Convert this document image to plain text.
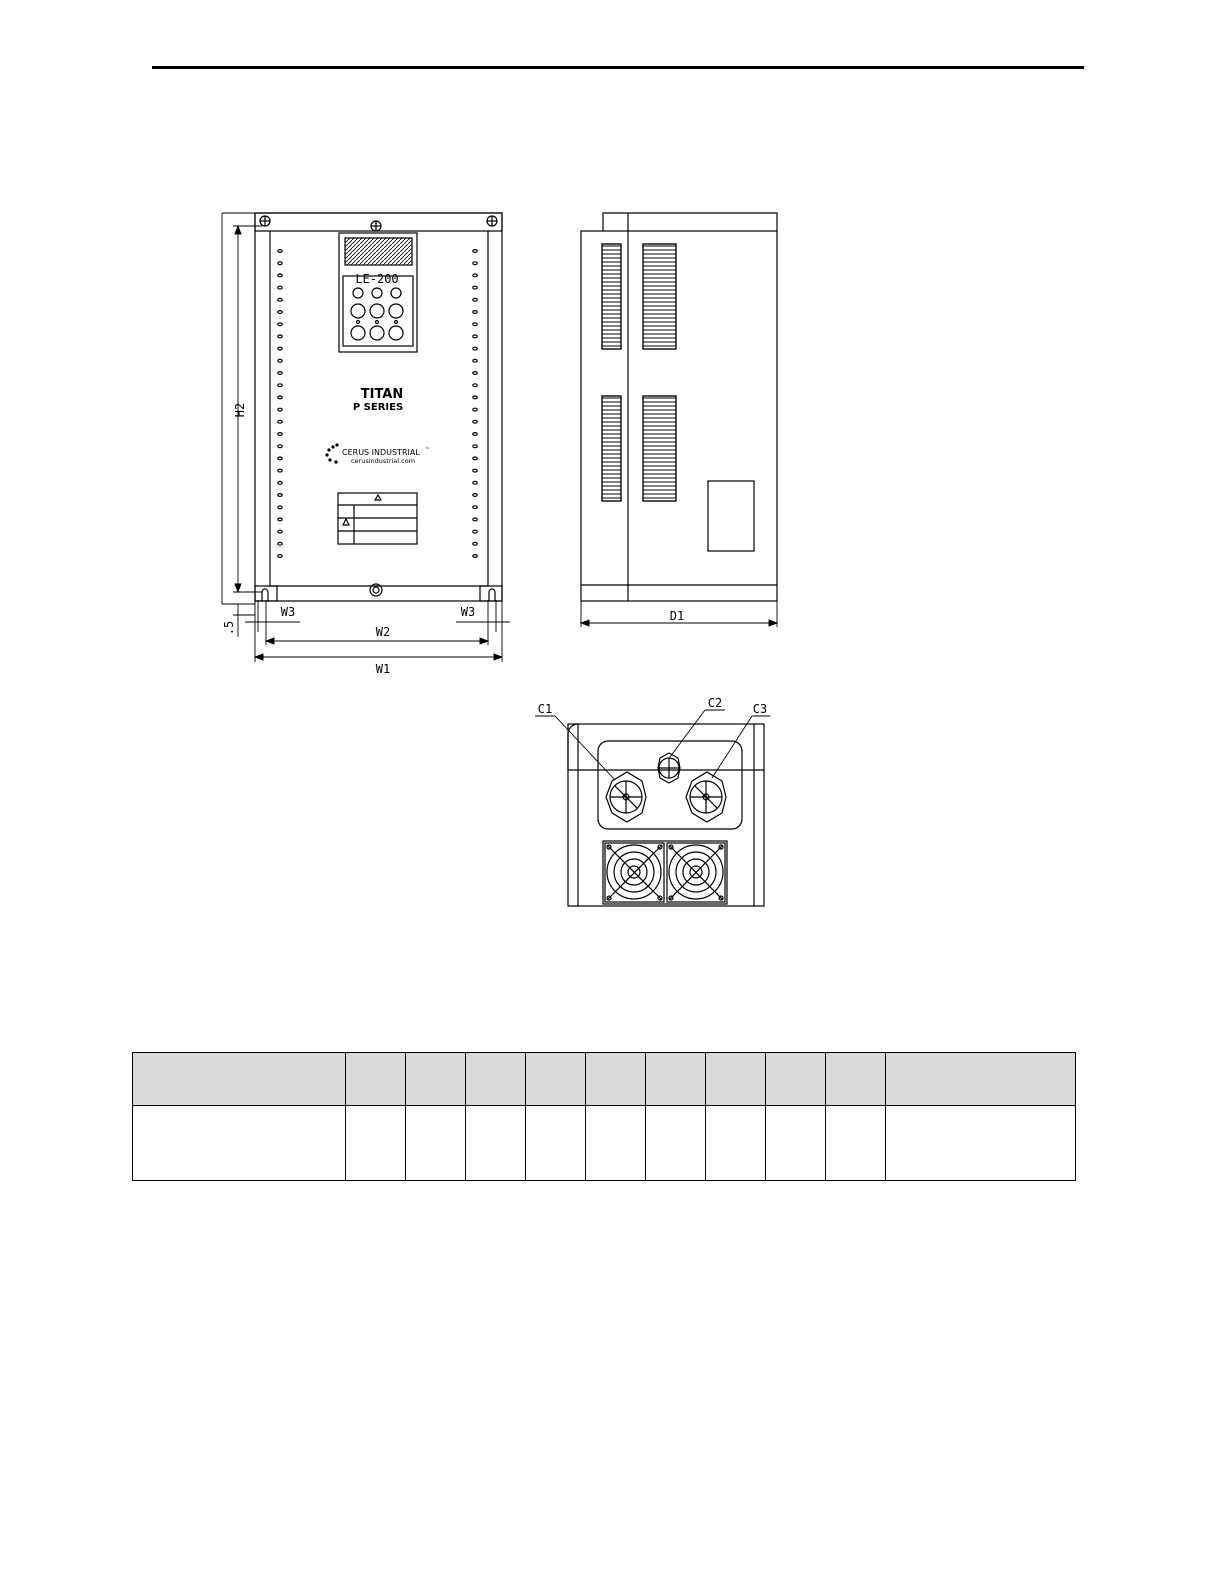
LE-200
TITAN
P SERIES
CERUS INDUSTRIAL ™
cerusindustrial.com
H2
W3	W3
W2
W1
.5
D1
C1	C2	C3
